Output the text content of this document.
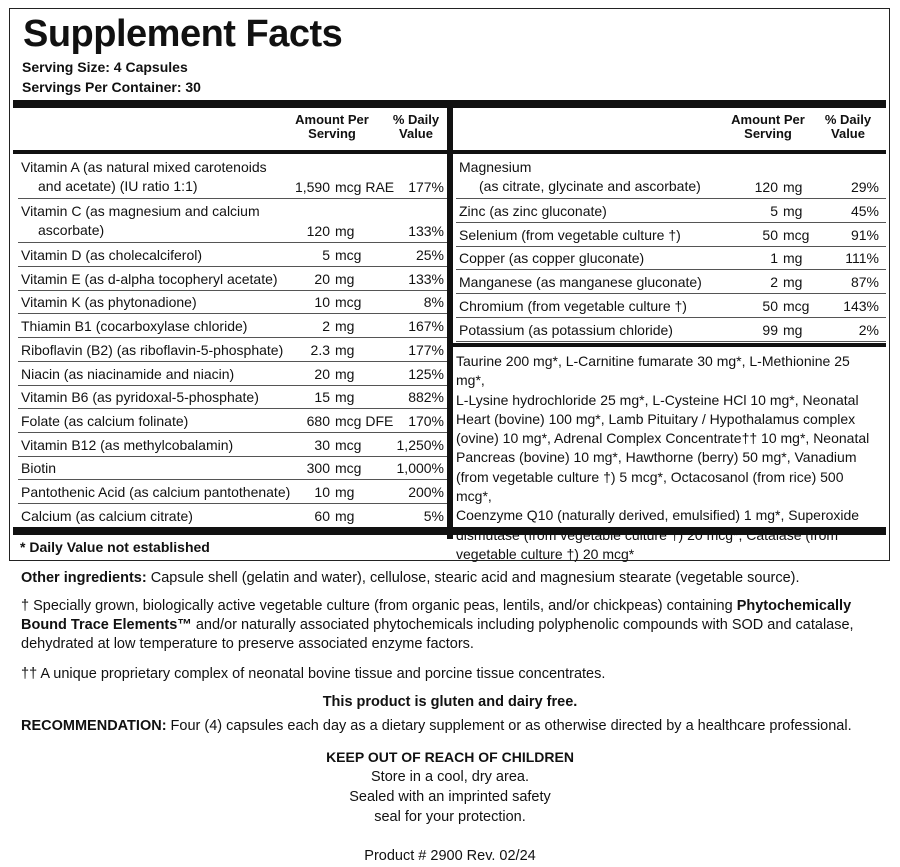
Supplement Facts
Serving Size: 4 Capsules
Servings Per Container: 30
Amount Per
Serving
% Daily
Value
Amount Per
Serving
% Daily
Value
Vitamin A (as natural mixed carotenoids
and acetate) (IU ratio 1:1)	1,590 mcg RAE	177%
Vitamin C (as magnesium and calcium
ascorbate)	120 mg	133%
Vitamin D (as cholecalciferol)	5 mcg	25%
Vitamin E (as d-alpha tocopheryl acetate)	20 mg	133%
Vitamin K (as phytonadione)	10 mcg	8%
Thiamin B1 (cocarboxylase chloride)	2 mg	167%
Riboflavin (B2) (as riboflavin-5-phosphate)	2.3 mg	177%
Niacin (as niacinamide and niacin)	20 mg	125%
Vitamin B6 (as pyridoxal-5-phosphate)	15 mg	882%
Folate (as calcium folinate)	680 mcg DFE	170%
Vitamin B12 (as methylcobalamin)	30 mcg	1,250%
Biotin	300 mcg	1,000%
Pantothenic Acid (as calcium pantothenate)	10 mg	200%
Calcium (as calcium citrate)	60 mg	5%
Magnesium
(as citrate, glycinate and ascorbate)	120 mg	29%
Zinc (as zinc gluconate)	5 mg	45%
Selenium (from vegetable culture †)	50 mcg	91%
Copper (as copper gluconate)	1 mg	111%
Manganese (as manganese gluconate)	2 mg	87%
Chromium (from vegetable culture †)	50 mcg	143%
Potassium (as potassium chloride)	99 mg	2%
Taurine 200 mg*, L-Carnitine fumarate 30 mg*, L-Methionine 25 mg*,
L-Lysine hydrochloride 25 mg*, L-Cysteine HCl 10 mg*, Neonatal
Heart (bovine) 100 mg*, Lamb Pituitary / Hypothalamus complex
(ovine) 10 mg*, Adrenal Complex Concentrate†† 10 mg*, Neonatal
Pancreas (bovine) 10 mg*, Hawthorne (berry) 50 mg*, Vanadium
(from vegetable culture †) 5 mcg*, Octacosanol (from rice) 500 mcg*,
Coenzyme Q10 (naturally derived, emulsified) 1 mg*, Superoxide
vegetable culture †) 20 mcg*
* Daily Value not established
Other ingredients: Capsule shell (gelatin and water), cellulose, stearic acid and magnesium stearate (vegetable source).
† Specially grown, biologically active vegetable culture (from organic peas, lentils, and/or chickpeas) containing Phytochemically
Bound Trace Elements™ and/or naturally associated phytochemicals including polyphenolic compounds with SOD and catalase,
dehydrated at low temperature to preserve associated enzyme factors.
†† A unique proprietary complex of neonatal bovine tissue and porcine tissue concentrates.
This product is gluten and dairy free.
RECOMMENDATION: Four (4) capsules each day as a dietary supplement or as otherwise directed by a healthcare professional.
KEEP OUT OF REACH OF CHILDREN
Store in a cool, dry area.
Sealed with an imprinted safety
seal for your protection.
Product # 2900 Rev. 02/24
